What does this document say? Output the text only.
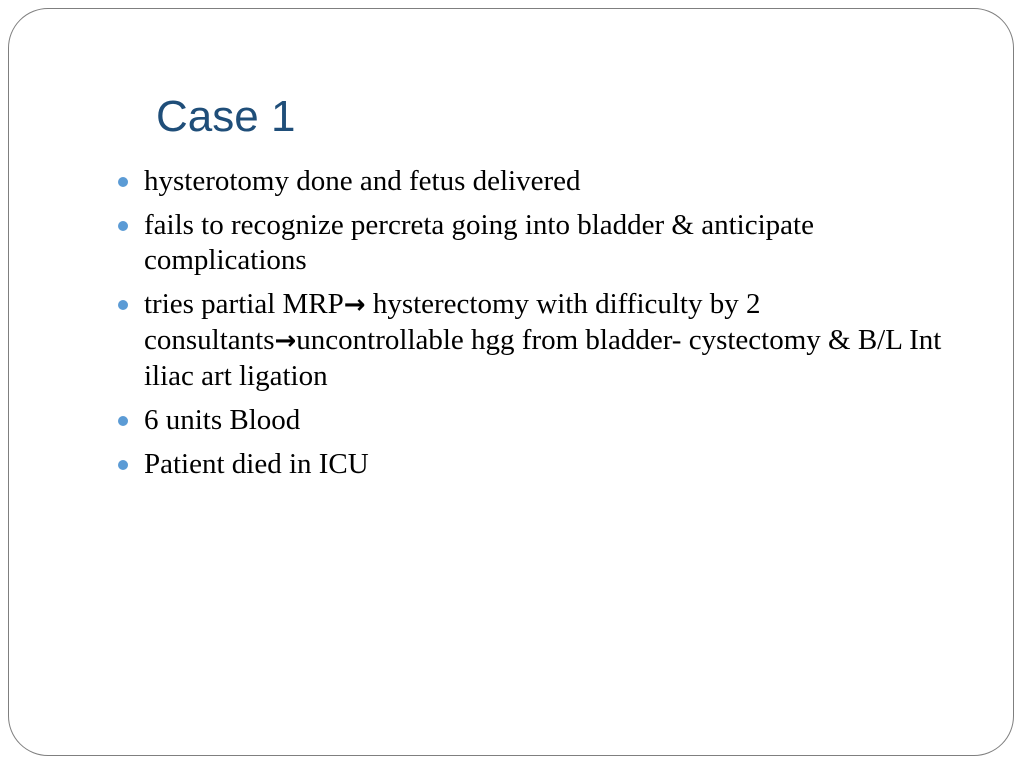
Case 1
hysterotomy done and fetus delivered
fails to recognize percreta going into bladder & anticipate complications
tries partial MRP→ hysterectomy with difficulty by 2 consultants→uncontrollable hgg from bladder- cystectomy & B/L Int iliac art ligation
6 units Blood
Patient died in ICU
